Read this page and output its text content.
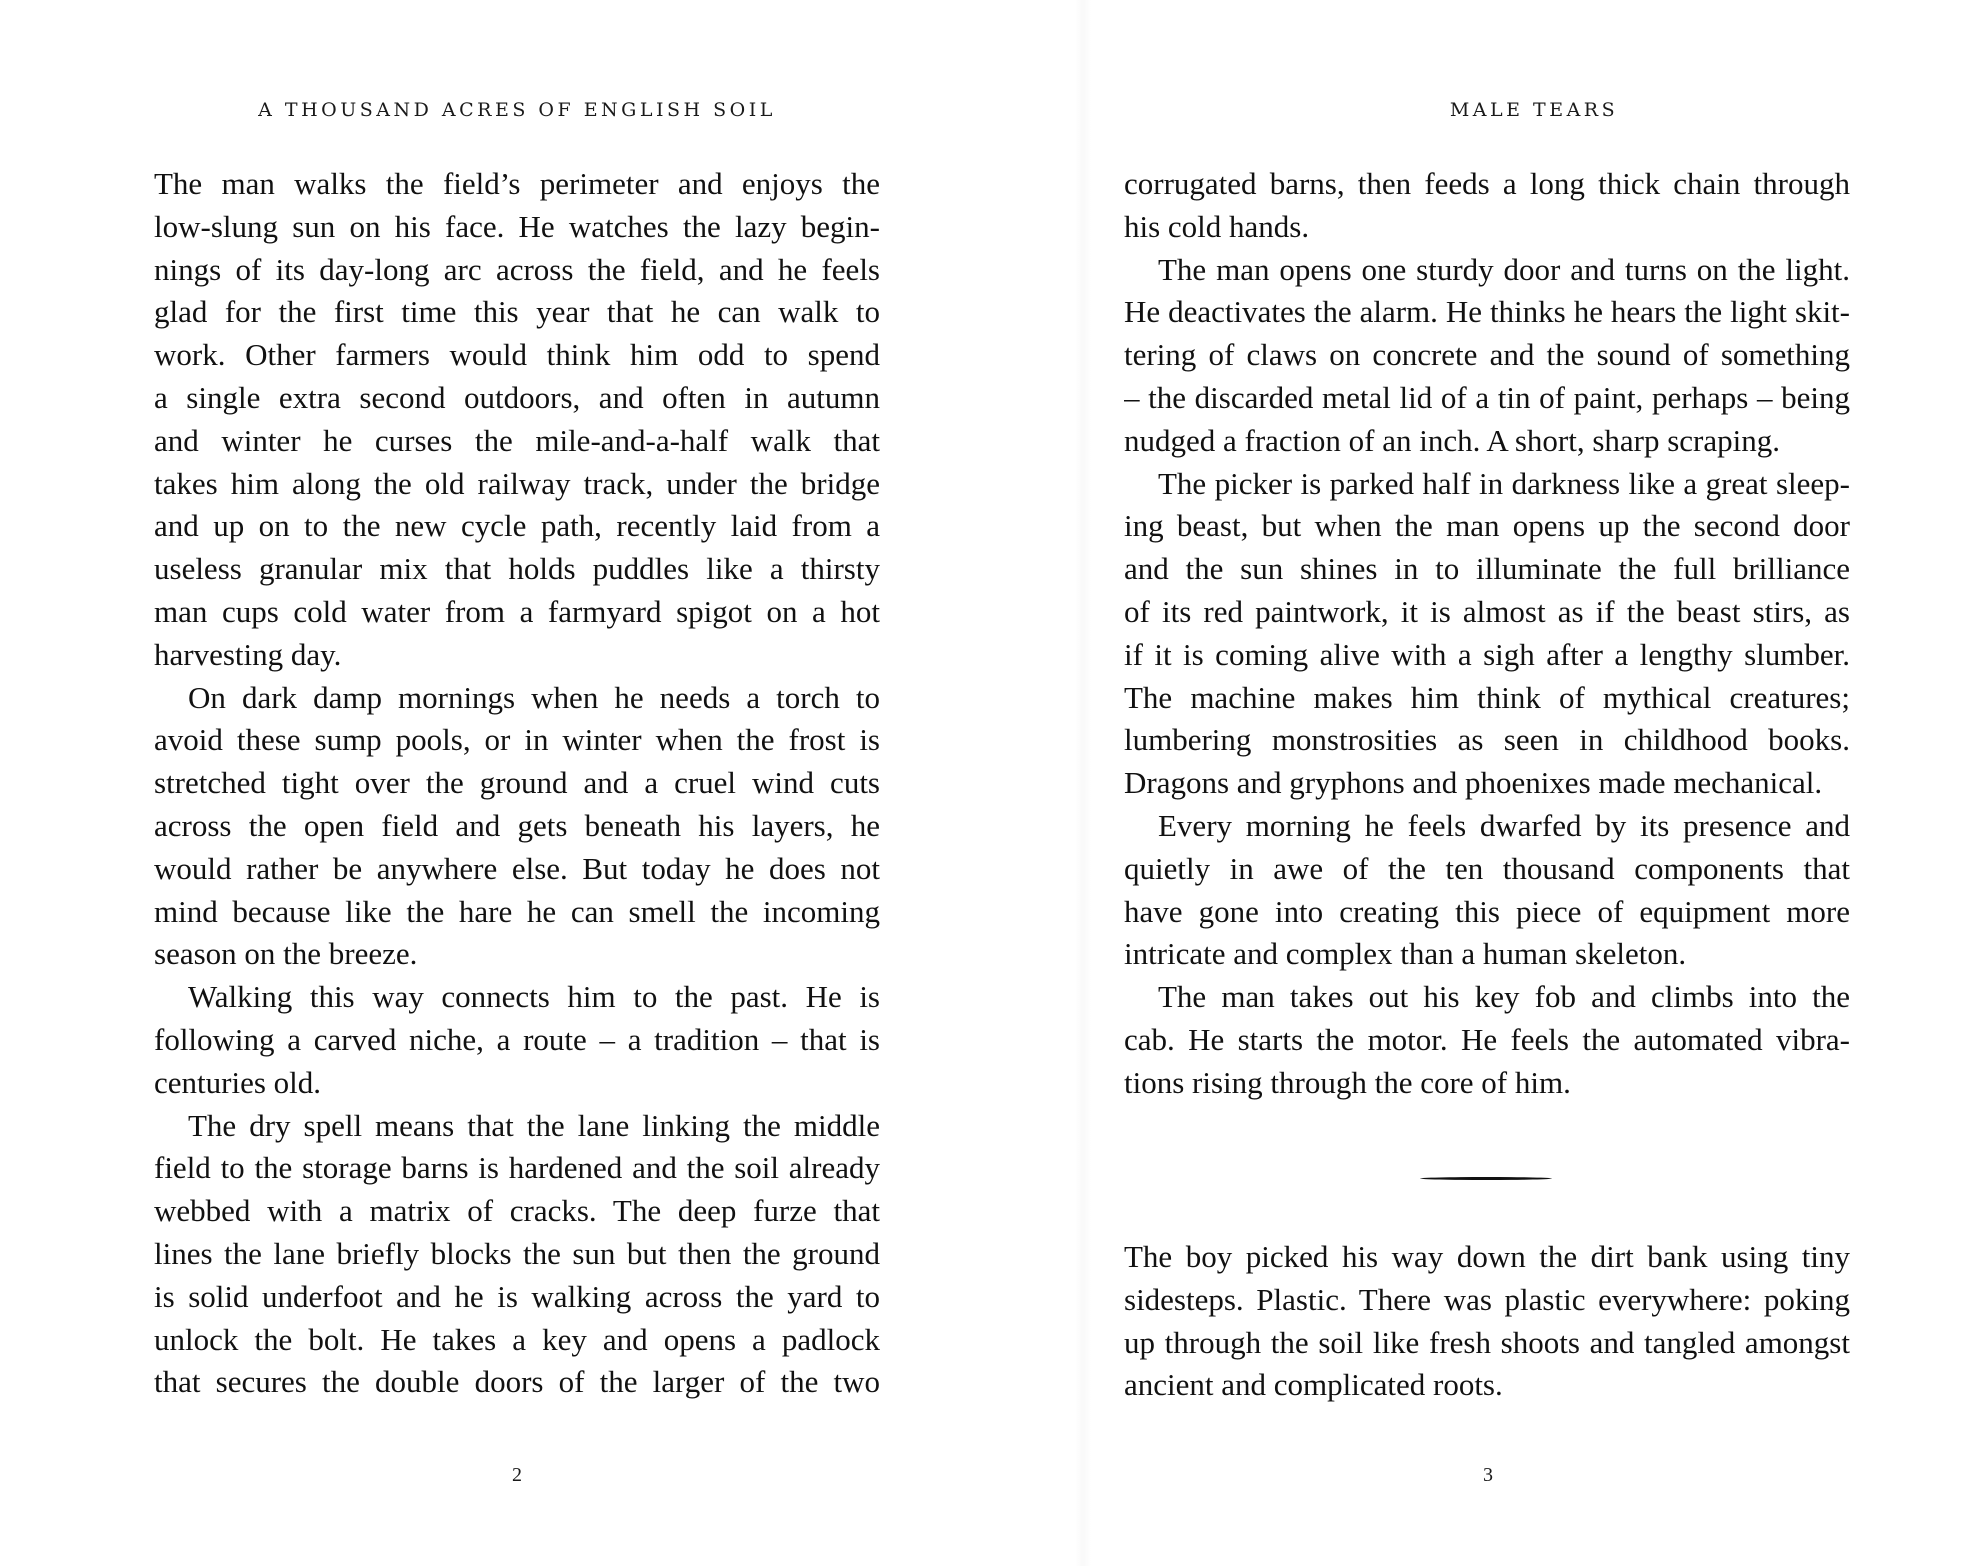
A THOUSAND ACRES OF ENGLISH SOIL
The man walks the field’s perimeter and enjoys the
low-slung sun on his face. He watches the lazy begin-
nings of its day-long arc across the field, and he feels
glad for the first time this year that he can walk to
work. Other farmers would think him odd to spend
a single extra second outdoors, and often in autumn
and winter he curses the mile-and-a-half walk that
takes him along the old railway track, under the bridge
and up on to the new cycle path, recently laid from a
useless granular mix that holds puddles like a thirsty
man cups cold water from a farmyard spigot on a hot
harvesting day.
On dark damp mornings when he needs a torch to
avoid these sump pools, or in winter when the frost is
stretched tight over the ground and a cruel wind cuts
across the open field and gets beneath his layers, he
would rather be anywhere else. But today he does not
mind because like the hare he can smell the incoming
season on the breeze.
Walking this way connects him to the past. He is
following a carved niche, a route – a tradition – that is
centuries old.
The dry spell means that the lane linking the middle
field to the storage barns is hardened and the soil already
webbed with a matrix of cracks. The deep furze that
lines the lane briefly blocks the sun but then the ground
is solid underfoot and he is walking across the yard to
unlock the bolt. He takes a key and opens a padlock
that secures the double doors of the larger of the two
2
MALE TEARS
corrugated barns, then feeds a long thick chain through
his cold hands.
The man opens one sturdy door and turns on the light.
He deactivates the alarm. He thinks he hears the light skit-
tering of claws on concrete and the sound of something
– the discarded metal lid of a tin of paint, perhaps – being
nudged a fraction of an inch. A short, sharp scraping.
The picker is parked half in darkness like a great sleep-
ing beast, but when the man opens up the second door
and the sun shines in to illuminate the full brilliance
of its red paintwork, it is almost as if the beast stirs, as
if it is coming alive with a sigh after a lengthy slumber.
The machine makes him think of mythical creatures;
lumbering monstrosities as seen in childhood books.
Dragons and gryphons and phoenixes made mechanical.
Every morning he feels dwarfed by its presence and
quietly in awe of the ten thousand components that
have gone into creating this piece of equipment more
intricate and complex than a human skeleton.
The man takes out his key fob and climbs into the
cab. He starts the motor. He feels the automated vibra-
tions rising through the core of him.
The boy picked his way down the dirt bank using tiny
sidesteps. Plastic. There was plastic everywhere: poking
up through the soil like fresh shoots and tangled amongst
ancient and complicated roots.
3
